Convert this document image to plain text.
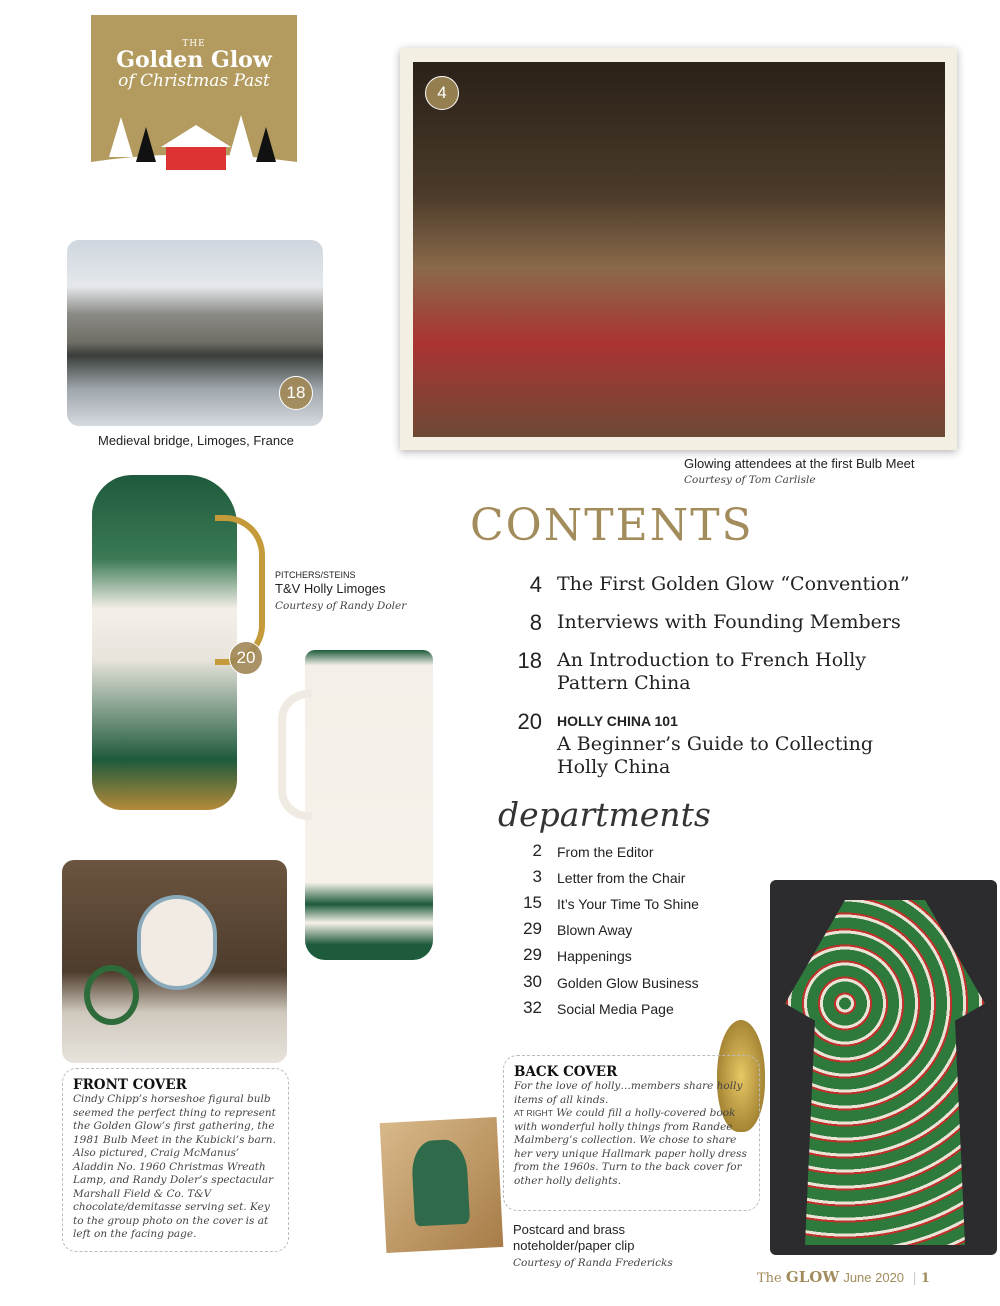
THE
Golden Glow
of Christmas Past
18
Medieval bridge, Limoges, France
4
Glowing attendees at the first Bulb Meet
Courtesy of Tom Carlisle
20
PITCHERS/STEINS
T&V Holly Limoges
Courtesy of Randy Doler
CONTENTS
4 The First Golden Glow “Convention”
8 Interviews with Founding Members
18 An Introduction to French Holly Pattern China
20 HOLLY CHINA 101
A Beginner’s Guide to Collecting Holly China
departments
2 From the Editor
3 Letter from the Chair
15 It’s Your Time To Shine
29 Blown Away
29 Happenings
30 Golden Glow Business
32 Social Media Page
FRONT COVER

Cindy Chipp’s horseshoe figural bulb seemed the perfect thing to represent the Golden Glow’s first gathering, the 1981 Bulb Meet in the Kubicki’s barn. Also pictured, Craig McManus’ Aladdin No. 1960 Christmas Wreath Lamp, and Randy Doler’s spectacular Marshall Field & Co. T&V chocolate/demitasse serving set. Key to the group photo on the cover is at left on the facing page.

BACK COVER

For the love of holly…members share holly items of all kinds.
AT RIGHT We could fill a holly-covered book with wonderful holly things from Randee Malmberg’s collection. We chose to share her very unique Hallmark paper holly dress from the 1960s. Turn to the back cover for other holly delights.

Postcard and brass
noteholder/paper clip
Courtesy of Randa Fredericks
The GLOW June 2020  | 1
